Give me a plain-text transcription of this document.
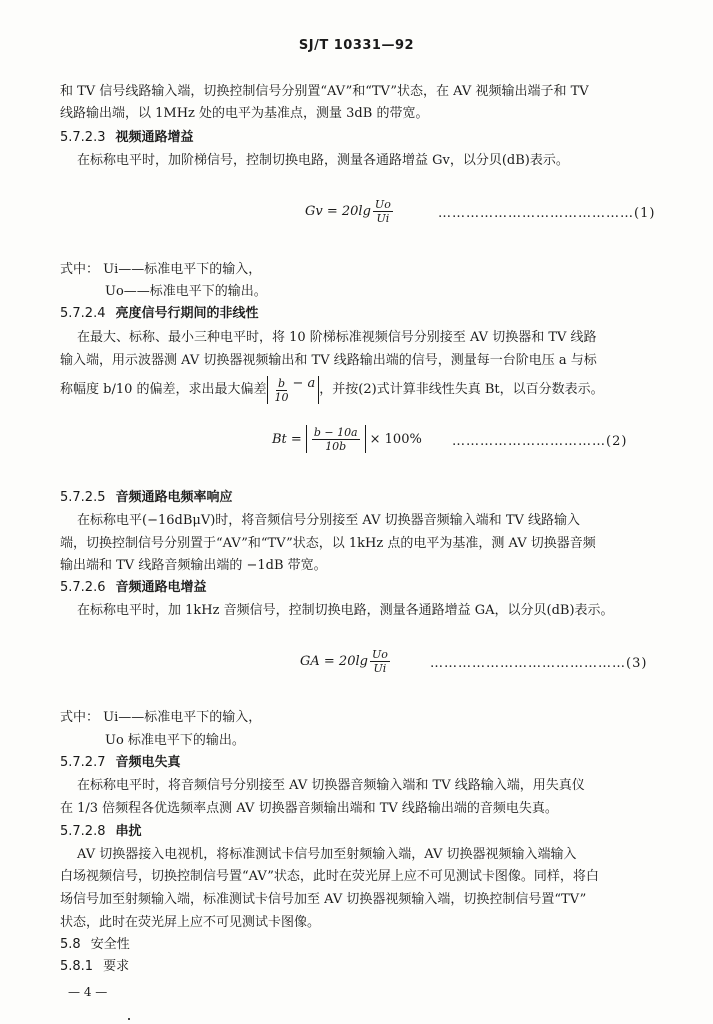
SJ/T 10331—92
和 TV 信号线路输入端，切换控制信号分别置“AV”和“TV”状态，在 AV 视频输出端子和 TV
线路输出端，以 1MHz 处的电平为基准点，测量 3dB 的带宽。
5.7.2.3 视频通路增益
在标称电平时，加阶梯信号，控制切换电路，测量各通路增益 Gv，以分贝(dB)表示。
$Gv = 20\lg \frac{Uo}{Ui}$	……………………………………(1)
式中： Ui——标准电平下的输入，
Uo——标准电平下的输出。
5.7.2.4 亮度信号行期间的非线性
在最大、标称、最小三种电平时，将 10 阶梯标准视频信号分别接至 AV 切换器和 TV 线路
输入端，用示波器测 AV 切换器视频输出和 TV 线路输出端的信号，测量每一台阶电压 a 与标
称幅度 b/10 的偏差，求出最大偏差 $\frac{b}{10} - a$ ，并按(2)式计算非线性失真 Bt，以百分数表示。
$Bt = \frac{b - 10a}{10b} \times 100\%$ ……………………………(2)
5.7.2.5 音频通路电频率响应
在标称电平(−16dBμV)时，将音频信号分别接至 AV 切换器音频输入端和 TV 线路输入
端，切换控制信号分别置于“AV”和“TV”状态，以 1kHz 点的电平为基准，测 AV 切换器音频
输出端和 TV 线路音频输出端的 −1dB 带宽。
5.7.2.6 音频通路电增益
在标称电平时，加 1kHz 音频信号，控制切换电路，测量各通路增益 GA，以分贝(dB)表示。
GA = $20\lg \frac{Uo}{Ui}$	……………………………………(3)
式中： Ui——标准电平下的输入，
Uo 标准电平下的输出。
5.7.2.7 音频电失真
在标称电平时，将音频信号分别接至 AV 切换器音频输入端和 TV 线路输入端，用失真仪
在 1/3 倍频程各优选频率点测 AV 切换器音频输出端和 TV 线路输出端的音频电失真。
5.7.2.8 串扰
AV 切换器接入电视机，将标准测试卡信号加至射频输入端，AV 切换器视频输入端输入
白场视频信号，切换控制信号置“AV”状态，此时在荧光屏上应不可见测试卡图像。同样，将白
场信号加至射频输入端，标准测试卡信号加至 AV 切换器视频输入端，切换控制信号置“TV”
状态，此时在荧光屏上应不可见测试卡图像。
5.8 安全性
5.8.1 要求
— 4 —
